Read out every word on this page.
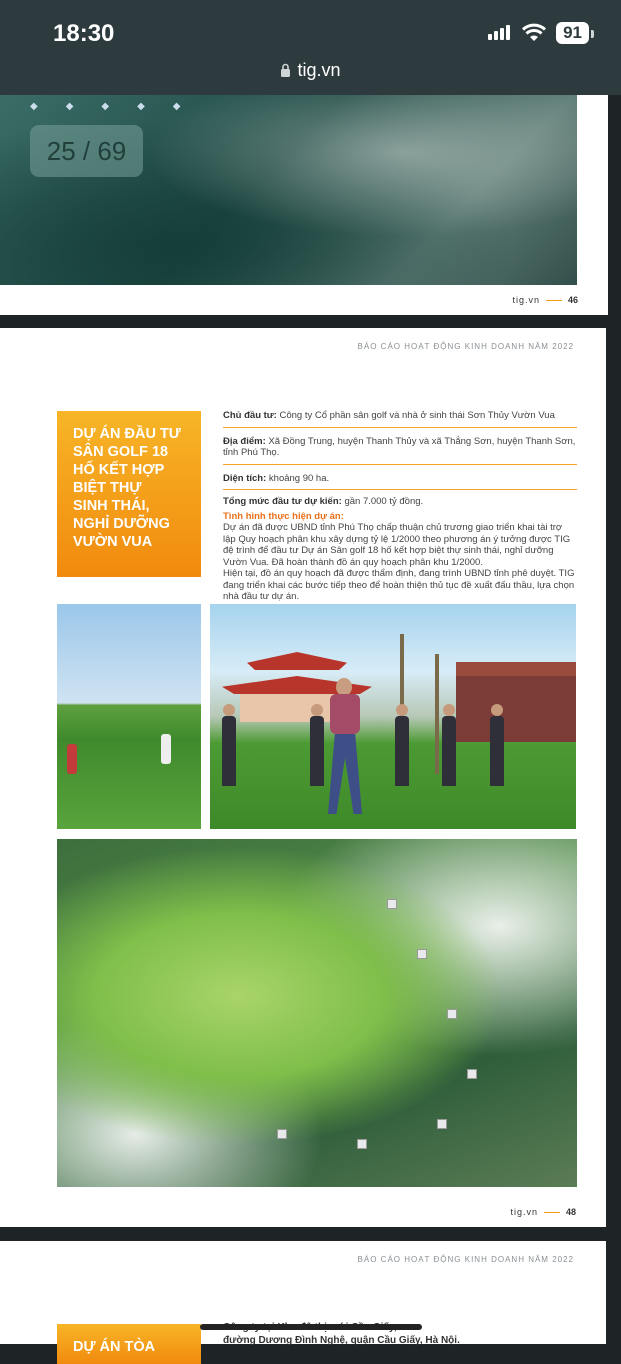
18:30	91
tig.vn
◆◆◆◆◆
25 / 69
tig.vn	46
BÁO CÁO HOẠT ĐỘNG KINH DOANH NĂM 2022
DỰ ÁN ĐẦU TƯ
SÂN GOLF 18
HỐ KẾT HỢP
BIỆT THỰ
SINH THÁI,
NGHỈ DƯỠNG
VƯỜN VUA
Chủ đầu tư: Công ty Cổ phần sân golf và nhà ở sinh thái Sơn Thủy Vườn Vua
Địa điểm: Xã Đồng Trung, huyện Thanh Thủy và xã Thắng Sơn, huyện Thanh Sơn, tỉnh Phú Thọ.
Diện tích: khoảng 90 ha.
Tổng mức đầu tư dự kiến: gần 7.000 tỷ đồng.
Tình hình thực hiện dự án:

Dự án đã được UBND tỉnh Phú Thọ chấp thuận chủ trương giao triển khai tài trợ lập Quy hoạch phân khu xây dựng tỷ lệ 1/2000 theo phương án ý tưởng được TIG đệ trình để đầu tư Dự án Sân golf 18 hố kết hợp biệt thự sinh thái, nghỉ dưỡng Vườn Vua. Đã hoàn thành đồ án quy hoạch phân khu 1/2000.

Hiện tại, đồ án quy hoạch đã được thẩm định, đang trình UBND tỉnh phê duyệt. TIG đang triển khai các bước tiếp theo để hoàn thiện thủ tục đề xuất đấu thầu, lựa chọn nhà đầu tư dự án.

tig.vn	48
BÁO CÁO HOẠT ĐỘNG KINH DOANH NĂM 2022
DỰ ÁN TÒA	đường Dương Đình Nghệ, quận Cầu Giấy, Hà Nội.
